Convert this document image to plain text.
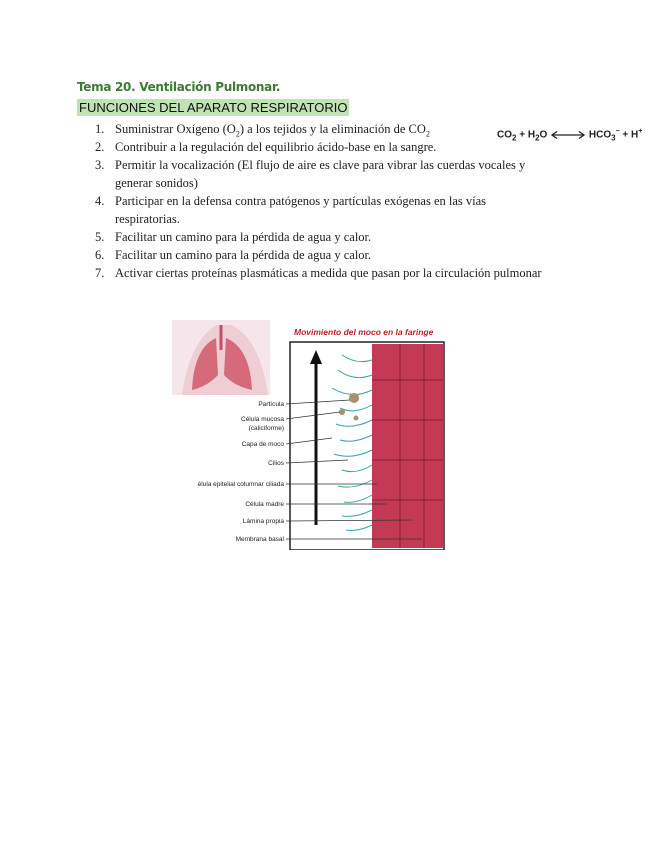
Tema 20. Ventilación Pulmonar.
FUNCIONES DEL APARATO RESPIRATORIO
1. Suministrar Oxígeno $(O_2)$ a los tejidos y la eliminación de $CO_2$
2. Contribuir a la regulación del equilibrio ácido-base en la sangre.
3. Permitir la vocalización (El flujo de aire es clave para vibrar las cuerdas vocales y generar sonidos)
4. Participar en la defensa contra patógenos y partículas exógenas en las vías respiratorias.
5. Facilitar un camino para la pérdida de agua y calor.
6. Facilitar un camino para la pérdida de agua y calor.
7. Activar ciertas proteínas plasmáticas a medida que pasan por la circulación pulmonar
$CO_2 + H_2O$	$HCO_3^- + H^+$
Movimiento del moco en la faringe
Partícula
Célula mucosa
(caliciforme)
Capa de moco
Cilios
élula epitelial columnar ciliada
Célula madre
Lámina propia
Membrana basal
